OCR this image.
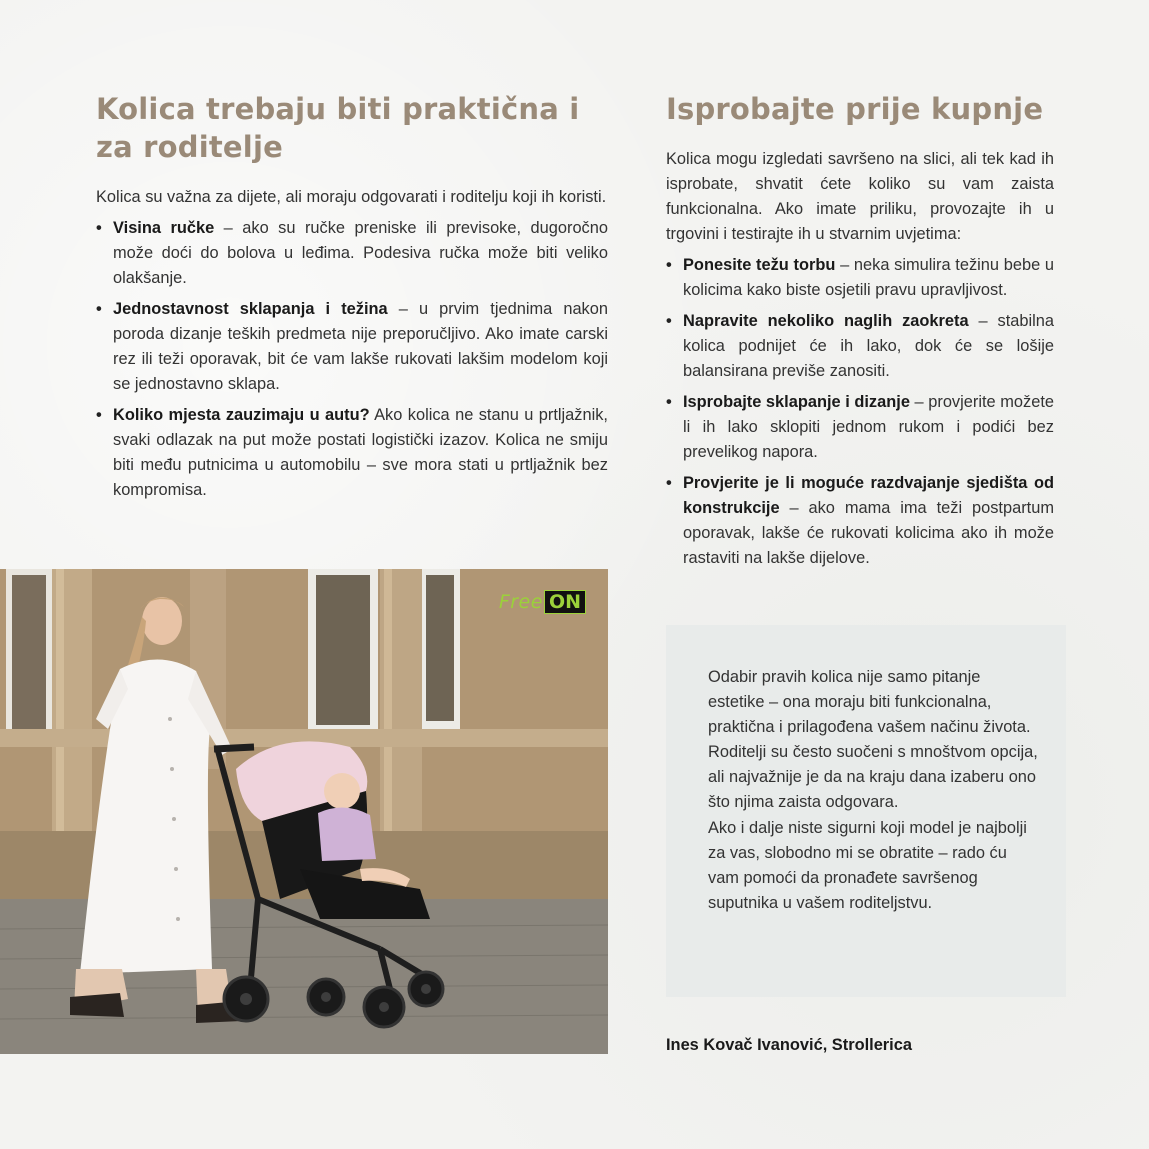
Kolica trebaju biti praktična i za roditelje

Kolica su važna za dijete, ali moraju odgovarati i roditelju koji ih koristi.

• Visina ručke – ako su ručke preniske ili previsoke, dugoročno može doći do bolova u leđima. Podesiva ručka može biti veliko olakšanje.
• Jednostavnost sklapanja i težina – u prvim tjednima nakon poroda dizanje teških predmeta nije preporučljivo. Ako imate carski rez ili teži oporavak, bit će vam lakše rukovati lakšim modelom koji se jednostavno sklapa.
• Koliko mjesta zauzimaju u autu? Ako kolica ne stanu u prtljažnik, svaki odlazak na put može postati logistički izazov. Kolica ne smiju biti među putnicima u automobilu – sve mora stati u prtljažnik bez kompromisa.
Isprobajte prije kupnje

Kolica mogu izgledati savršeno na slici, ali tek kad ih isprobate, shvatit ćete koliko su vam zaista funkcionalna. Ako imate priliku, provozajte ih u trgovini i testirajte ih u stvarnim uvjetima:

• Ponesite težu torbu – neka simulira težinu bebe u kolicima kako biste osjetili pravu upravljivost.
• Napravite nekoliko naglih zaokreta – stabilna kolica podnijet će ih lako, dok će se lošije balansirana previše zanositi.
• Isprobajte sklapanje i dizanje – provjerite možete li ih lako sklopiti jednom rukom i podići bez prevelikog napora.
• Provjerite je li moguće razdvajanje sjedišta od konstrukcije – ako mama ima teži postpartum oporavak, lakše će rukovati kolicima ako ih može rastaviti na lakše dijelove.
Free ON

Odabir pravih kolica nije samo pitanje estetike – ona moraju biti funkcionalna, praktična i prilagođena vašem načinu života. Roditelji su često suočeni s mnoštvom opcija, ali najvažnije je da na kraju dana izaberu ono što njima zaista odgovara.

Ako i dalje niste sigurni koji model je najbolji za vas, slobodno mi se obratite – rado ću vam pomoći da pronađete savršenog suputnika u vašem roditeljstvu.

Ines Kovač Ivanović, Strollerica
